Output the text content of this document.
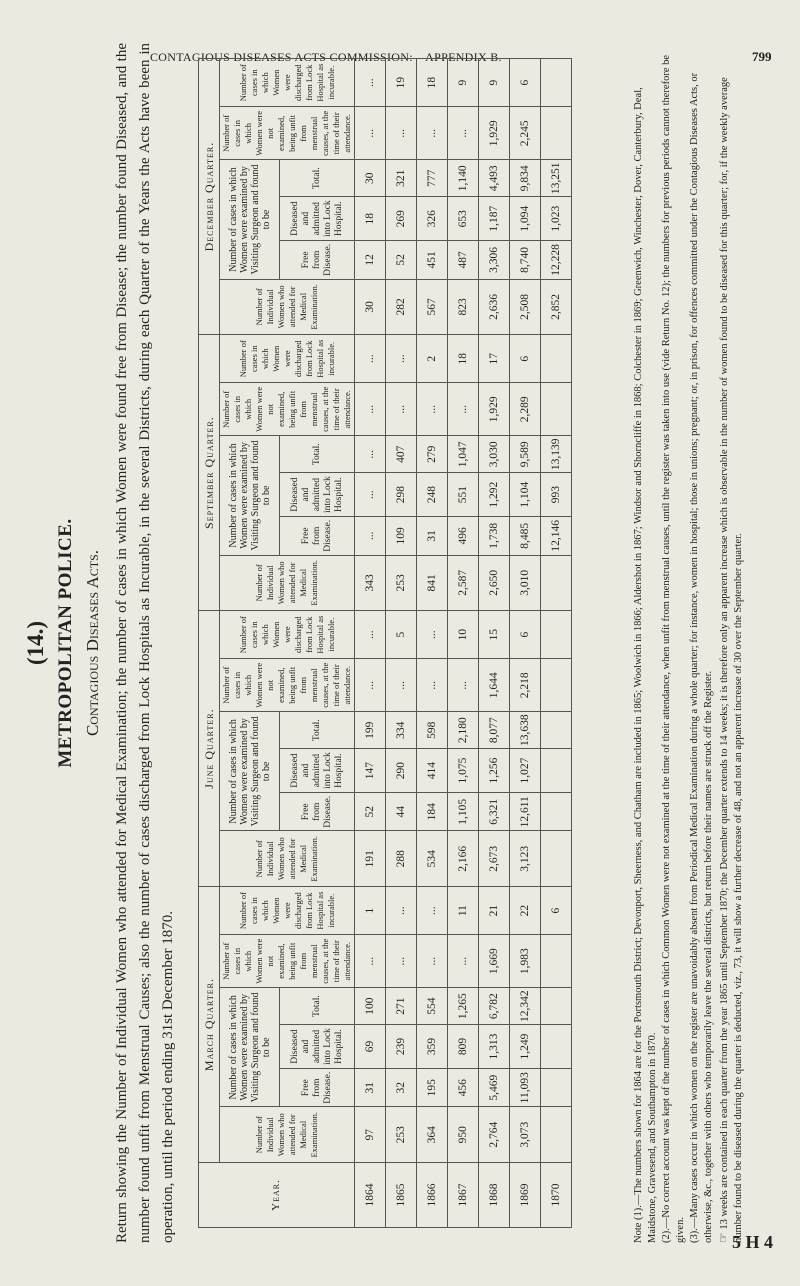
CONTAGIOUS DISEASES ACTS COMMISSION:—APPENDIX B.	799
(14.) METROPOLITAN POLICE. Contagious Diseases Acts. Return showing the Number of Individual Women who attended for Medical Examination; the number of cases in which Women were found free from Disease; the number found Diseased, and the number found unfit from Menstrual Causes; also the number of cases discharged from Lock Hospitals as Incurable, in the several Districts, during each Quarter of the Years the Acts have been in operation, until the period ending 31st December 1870.	Year.	March Quarter.						June Quarter.						September Quarter.						December Quarter.					
	Number of Individual Women who attended for Medical Examination.	Number of cases in which Women were examined by Visiting Surgeon and found to be			Number of cases in which Women were not examined, being unfit from menstrual causes, at the time of their attendance.	Number of cases in which Women were discharged from Lock Hospital as incurable.	Number of Individual Women who attended for Medical Examination.	Number of cases in which Women were examined by Visiting Surgeon and found to be			Number of cases in which Women were not examined, being unfit from menstrual causes, at the time of their attendance.	Number of cases in which Women were discharged from Lock Hospital as incurable.	Number of Individual Women who attended for Medical Examination.	Number of cases in which Women were examined by Visiting Surgeon and found to be			Number of cases in which Women were not examined, being unfit from menstrual causes, at the time of their attendance.	Number of cases in which Women were discharged from Lock Hospital as incurable.	Number of Individual Women who attended for Medical Examination.	Number of cases in which Women were examined by Visiting Surgeon and found to be			Number of cases in which Women were not examined, being unfit from menstrual causes, at the time of their attendance.	Number of cases in which Women were discharged from Lock Hospital as incurable.
		Free from Disease.	Diseased and admitted into Lock Hospital.	Total.				Free from Disease.	Diseased and admitted into Lock Hospital.	Total.				Free from Disease.	Diseased and admitted into Lock Hospital.	Total.				Free from Disease.	Diseased and admitted into Lock Hospital.	Total.		
1864	97	31	69	100	...	1	191	52	147	199	...	...	343	...	...	...	...	...	30	12	18	30	...	...
1865	253	32	239	271	...	...	288	44	290	334	...	5	253	109	298	407	...	...	282	52	269	321	...	19
1866	364	195	359	554	...	...	534	184	414	598	...	...	841	31	248	279	...	2	567	451	326	777	...	18
1867	950	456	809	1,265	...	11	2,166	1,105	1,075	2,180	...	10	2,587	496	551	1,047	...	18	823	487	653	1,140	...	9
1868	2,764	5,469	1,313	6,782	1,669	21	2,673	6,321	1,256	8,077	1,644	15	2,650	1,738	1,292	3,030	1,929	17	2,636	3,306	1,187	4,493	1,929	9
1869	3,073	11,093	1,249	12,342	1,983	22	3,123	12,611	1,027	13,638	2,218	6	3,010	8,485	1,104	9,589	2,289	6	2,508	8,740	1,094	9,834	2,245	6
1870						6								12,146	993	13,139			2,852	12,228	1,023	13,251			Note (1).—The numbers shown for 1864 are for the Portsmouth District; Devonport, Sheerness, and Chatham are included in 1865; Woolwich in 1866; Aldershot in 1867; Windsor and Shorncliffe in 1868; Colchester in 1869; Greenwich, Winchester, Dover, Canterbury, Deal, Maidstone, Gravesend, and Southampton in 1870. (2).—No correct account was kept of the number of cases in which Common Women were not examined at the time of their attendance, when unfit from menstrual causes, until the register was taken into use (vide Return No. 12); the numbers for previous periods cannot therefore be given. (3).—Many cases occur in which women on the register are unavoidably absent from Periodical Medical Examination during a whole quarter; for instance, women in hospital; those in unions; pregnant; or, in prison, for offences committed under the Contagious Diseases Acts, or otherwise, &c., together with others who temporarily leave the several districts, but return before their names are struck off the Register. ☞ 13 weeks are contained in each quarter from the year 1865 until September 1870; the December quarter extends to 14 weeks; it is therefore only an apparent increase which is observable in the number of women found to be diseased for this quarter; for, if the weekly average number found to be diseased during the quarter is deducted, viz., 73, it will show a further decrease of 48, and not an apparent increase of 30 over the September quarter.
5 H 4
